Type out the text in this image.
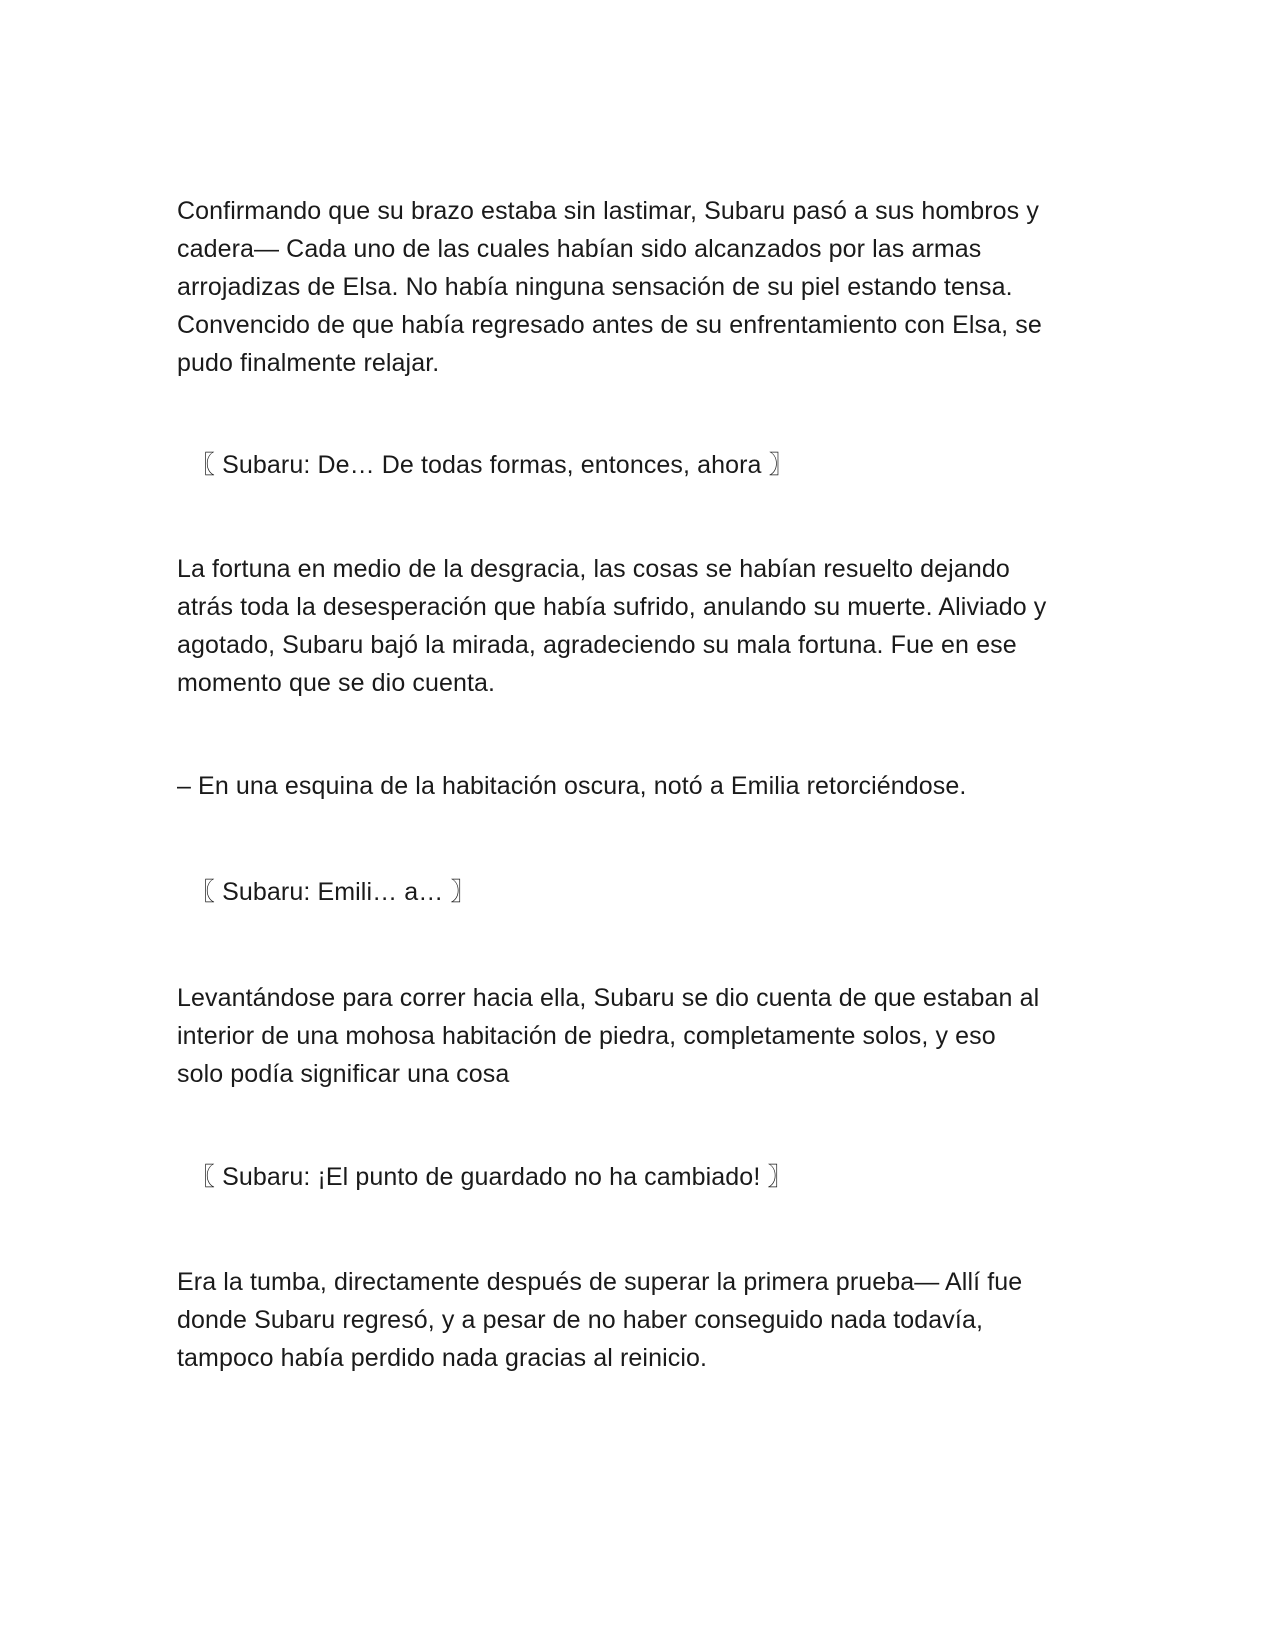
Confirmando que su brazo estaba sin lastimar, Subaru pasó a sus hombros y
cadera— Cada uno de las cuales habían sido alcanzados por las armas
arrojadizas de Elsa. No había ninguna sensación de su piel estando tensa.
Convencido de que había regresado antes de su enfrentamiento con Elsa, se
pudo finalmente relajar.

〖 Subaru: De… De todas formas, entonces, ahora 〗

La fortuna en medio de la desgracia, las cosas se habían resuelto dejando
atrás toda la desesperación que había sufrido, anulando su muerte. Aliviado y
agotado, Subaru bajó la mirada, agradeciendo su mala fortuna. Fue en ese
momento que se dio cuenta.

– En una esquina de la habitación oscura, notó a Emilia retorciéndose.

〖 Subaru: Emili… a… 〗

Levantándose para correr hacia ella, Subaru se dio cuenta de que estaban al
interior de una mohosa habitación de piedra, completamente solos, y eso
solo podía significar una cosa

〖 Subaru: ¡El punto de guardado no ha cambiado! 〗

Era la tumba, directamente después de superar la primera prueba— Allí fue
donde Subaru regresó, y a pesar de no haber conseguido nada todavía,
tampoco había perdido nada gracias al reinicio.
